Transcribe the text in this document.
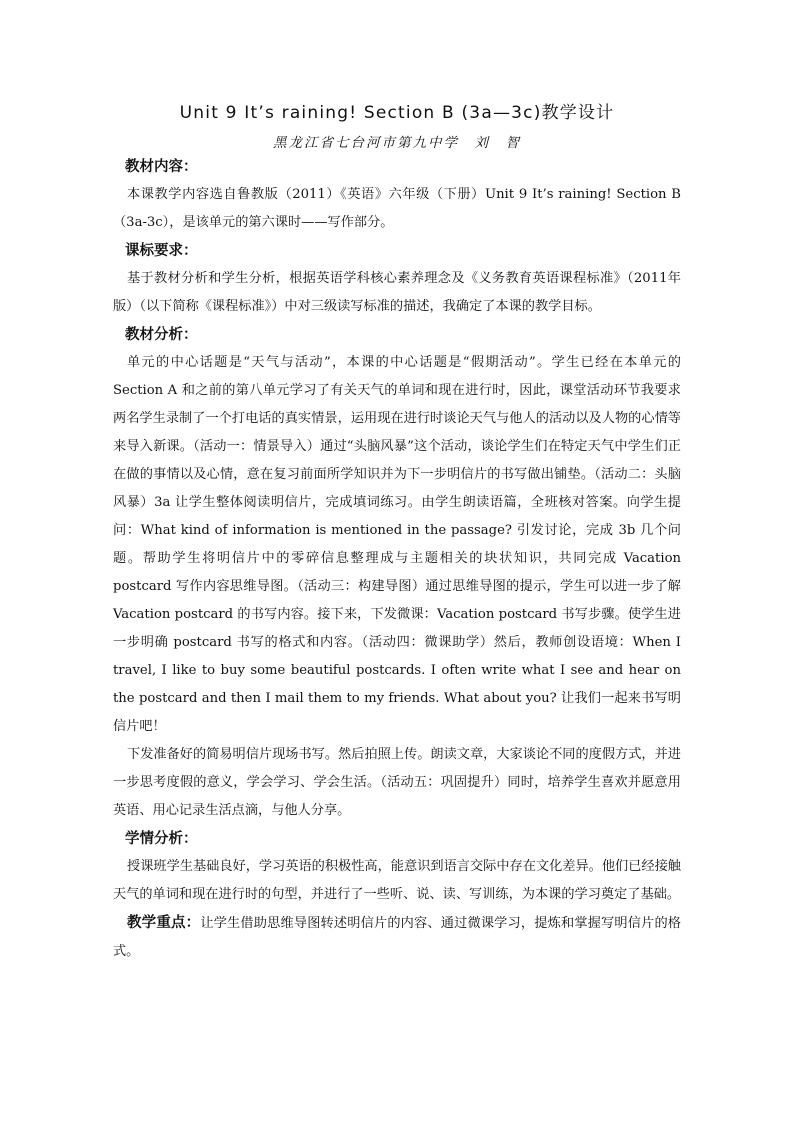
Unit 9 It’s raining! Section B (3a—3c)教学设计
黑龙江省七台河市第九中学　刘　智
教材内容：

本课教学内容选自鲁教版（2011）《英语》六年级（下册）Unit 9 It’s raining! Section B（3a-3c），是该单元的第六课时——写作部分。

课标要求：

基于教材分析和学生分析，根据英语学科核心素养理念及《义务教育英语课程标准》（2011年版）（以下简称《课程标准》）中对三级读写标准的描述，我确定了本课的教学目标。

教材分析：

单元的中心话题是“天气与活动”，本课的中心话题是“假期活动”。学生已经在本单元的 Section A 和之前的第八单元学习了有关天气的单词和现在进行时，因此，课堂活动环节我要求两名学生录制了一个打电话的真实情景，运用现在进行时谈论天气与他人的活动以及人物的心情等来导入新课。（活动一：情景导入）通过“头脑风暴”这个活动，谈论学生们在特定天气中学生们正在做的事情以及心情，意在复习前面所学知识并为下一步明信片的书写做出铺垫。（活动二：头脑风暴）3a 让学生整体阅读明信片，完成填词练习。由学生朗读语篇，全班核对答案。向学生提问：What kind of information is mentioned in the passage? 引发讨论，完成 3b 几个问题。帮助学生将明信片中的零碎信息整理成与主题相关的块状知识，共同完成 Vacation postcard 写作内容思维导图。（活动三：构建导图）通过思维导图的提示，学生可以进一步了解 Vacation postcard 的书写内容。接下来，下发微课：Vacation postcard 书写步骤。使学生进一步明确 postcard 书写的格式和内容。（活动四：微课助学）然后，教师创设语境：When I travel, I like to buy some beautiful postcards. I often write what I see and hear on the postcard and then I mail them to my friends. What about you? 让我们一起来书写明信片吧！

下发准备好的简易明信片现场书写。然后拍照上传。朗读文章，大家谈论不同的度假方式，并进一步思考度假的意义，学会学习、学会生活。（活动五：巩固提升）同时，培养学生喜欢并愿意用英语、用心记录生活点滴，与他人分享。

学情分析：

授课班学生基础良好，学习英语的积极性高，能意识到语言交际中存在文化差异。他们已经接触天气的单词和现在进行时的句型，并进行了一些听、说、读、写训练，为本课的学习奠定了基础。

教学重点：让学生借助思维导图转述明信片的内容、通过微课学习，提炼和掌握写明信片的格式。
